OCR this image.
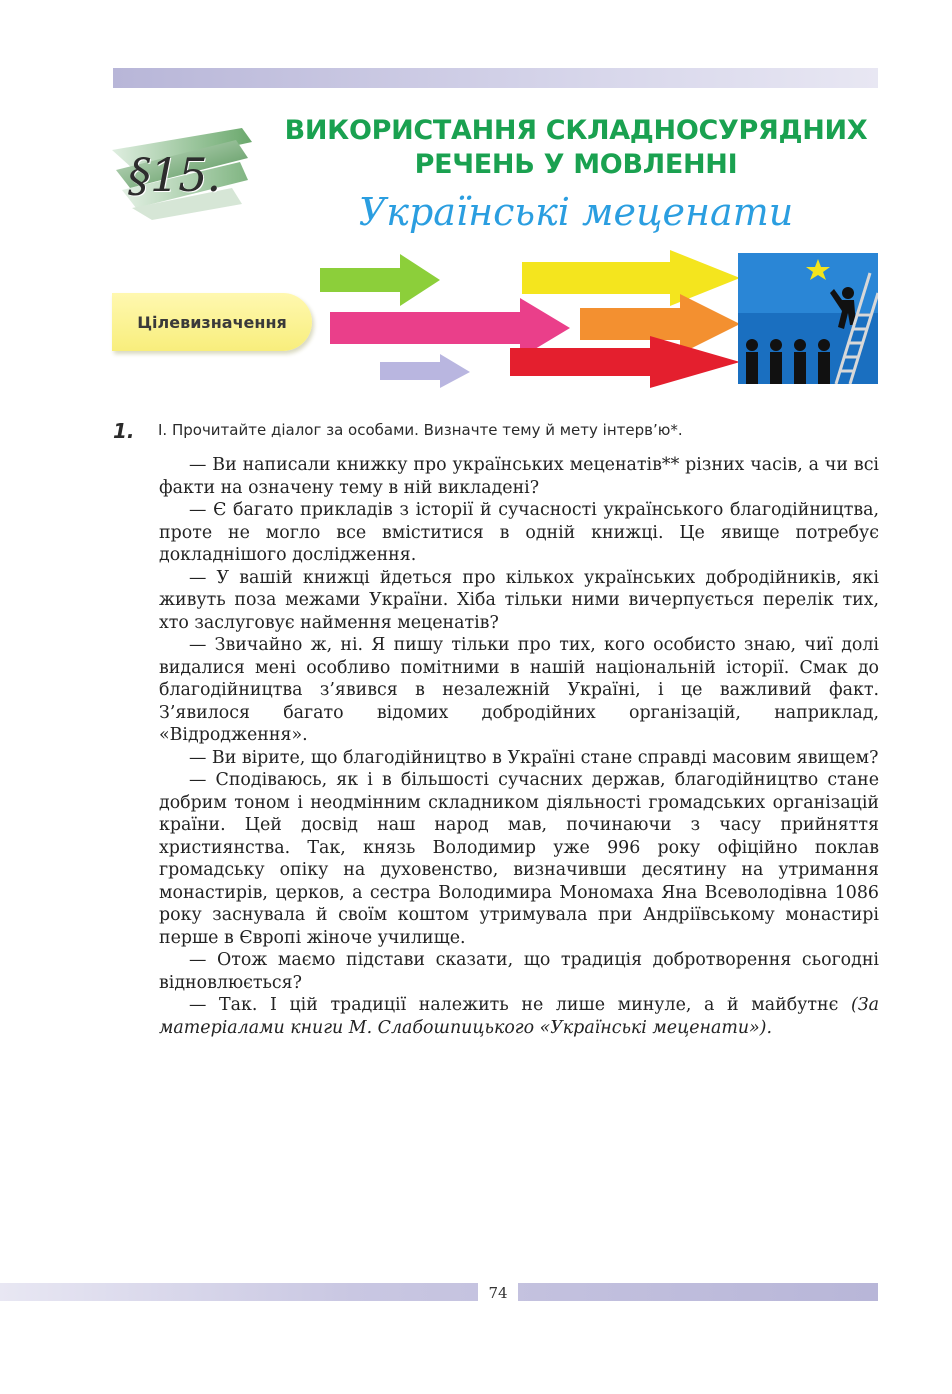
§15.
ВИКОРИСТАННЯ СКЛАДНОСУРЯДНИХ
РЕЧЕНЬ У МОВЛЕННІ
Українські меценати
Цілевизначення
1. І. Прочитайте діалог за особами. Визначте тему й мету інтерв’ю*.

— Ви написали книжку про українських меценатів** різних часів, а чи всі факти на означену тему в ній викладені?

— Є багато прикладів з історії й сучасності українського благодійництва, проте не могло все вміститися в одній книжці. Це явище потребує докладнішого дослідження.

— У вашій книжці йдеться про кількох українських добродійників, які живуть поза межами України. Хіба тільки ними вичерпується перелік тих, хто заслуговує наймення меценатів?

— Звичайно ж, ні. Я пишу тільки про тих, кого особисто знаю, чиї долі видалися мені особливо помітними в нашій національній історії. Смак до благодійництва з’явився в незалежній Україні, і це важливий факт. З’явилося багато відомих добродійних організацій, наприклад, «Відродження».

— Ви вірите, що благодійництво в Україні стане справді масовим явищем?

— Сподіваюсь, як і в більшості сучасних держав, благодійництво стане добрим тоном і неодмінним складником діяльності громадських організацій країни. Цей досвід наш народ мав, починаючи з часу прийняття християнства. Так, князь Володимир уже 996 року офіційно поклав громадську опіку на духовенство, визначивши десятину на утримання монастирів, церков, а сестра Володимира Мономаха Яна Всеволодівна 1086 року заснувала й своїм коштом утримувала при Андріївському монастирі перше в Європі жіноче училище.

— Отож маємо підстави сказати, що традиція добротворення сьогодні відновлюється?

— Так. І цій традиції належить не лише минуле, а й майбутнє (За матеріалами книги М. Слабошпицького «Українські меценати»).

74
